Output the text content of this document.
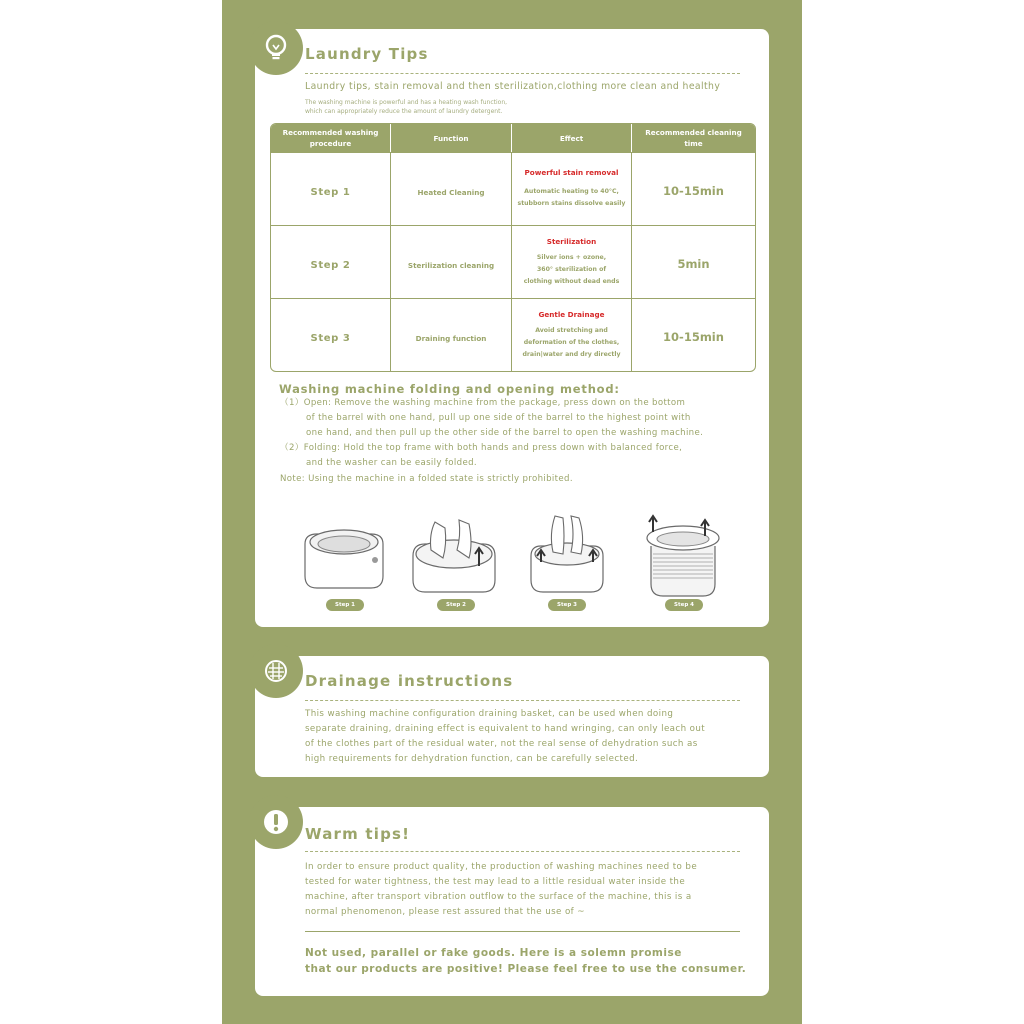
Laundry Tips
Laundry tips, stain removal and then sterilization,clothing more clean and healthy
The washing machine is powerful and has a heating wash function,
which can appropriately reduce the amount of laundry detergent.
Recommended washing procedure	Function	Effect	Recommended cleaning time
Step 1	Heated Cleaning	Powerful stain removal
Automatic heating to 40°C,
stubborn stains dissolve easily	10-15min
Step 2	Sterilization cleaning	Sterilization
Silver ions + ozone,
360° sterilization of
clothing without dead ends	5min
Step 3	Draining function	Gentle Drainage
Avoid stretching and
deformation of the clothes,
drain|water and dry directly	10-15min
Washing machine folding and opening method:
（1）Open: Remove the washing machine from the package, press down on the bottom
of the barrel with one hand, pull up one side of the barrel to the highest point with
one hand, and then pull up the other side of the barrel to open the washing machine.
（2）Folding: Hold the top frame with both hands and press down with balanced force,
and the washer can be easily folded.
Note: Using the machine in a folded state is strictly prohibited.
Step 1	Step 2	Step 3	Step 4
Drainage instructions
This washing machine configuration draining basket, can be used when doing
separate draining, draining effect is equivalent to hand wringing, can only leach out
of the clothes part of the residual water, not the real sense of dehydration such as
high requirements for dehydration function, can be carefully selected.
Warm tips!
In order to ensure product quality, the production of washing machines need to be
tested for water tightness, the test may lead to a little residual water inside the
machine, after transport vibration outflow to the surface of the machine, this is a
normal phenomenon, please rest assured that the use of ~
Not used, parallel or fake goods. Here is a solemn promise
that our products are positive! Please feel free to use the consumer.
